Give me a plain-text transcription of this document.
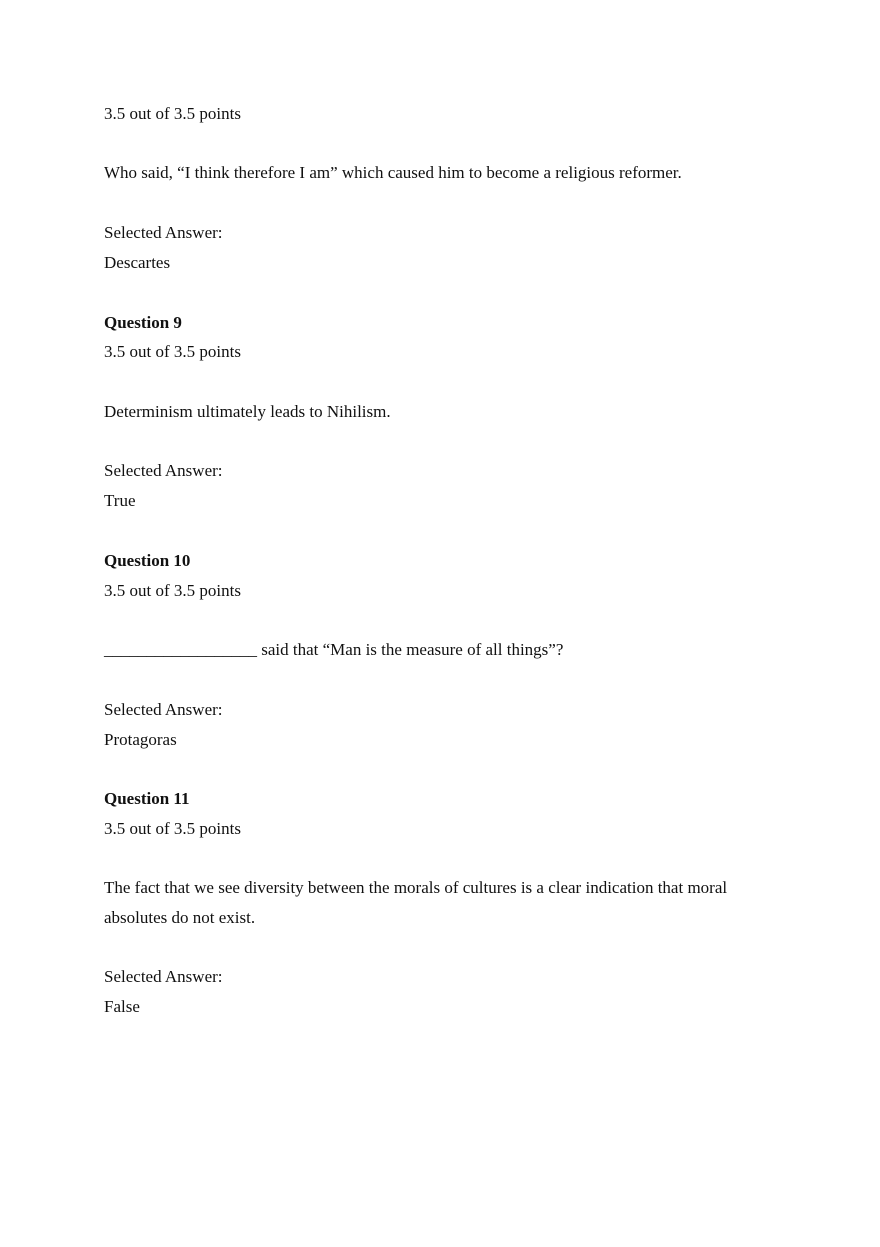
3.5 out of 3.5 points
Who said, “I think therefore I am” which caused him to become a religious reformer.
Selected Answer:
Descartes
Question 9
3.5 out of 3.5 points
Determinism ultimately leads to Nihilism.
Selected Answer:
True
Question 10
3.5 out of 3.5 points
__________________ said that “Man is the measure of all things”?
Selected Answer:
Protagoras
Question 11
3.5 out of 3.5 points
The fact that we see diversity between the morals of cultures is a clear indication that moral absolutes do not exist.
Selected Answer:
False
